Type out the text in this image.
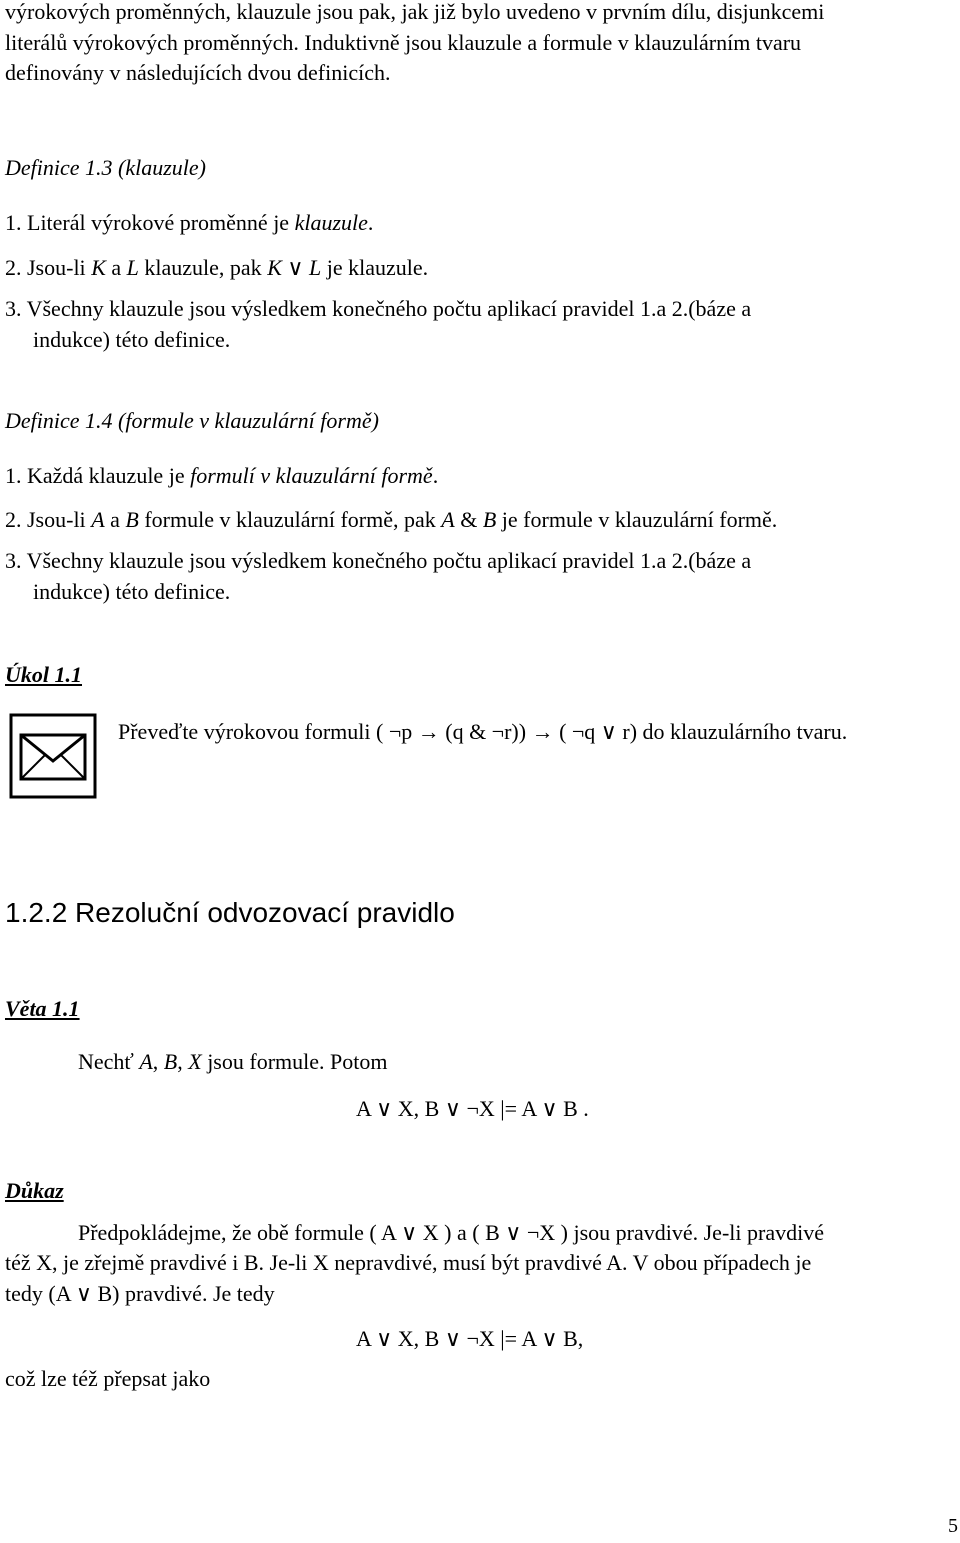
výrokových proměnných, klauzule jsou pak, jak již bylo uvedeno v prvním dílu, disjunkcemi
literálů výrokových proměnných. Induktivně jsou klauzule a formule v klauzulárním tvaru
definovány v následujících dvou definicích.
Definice 1.3 (klauzule)
1. Literál výrokové proměnné je klauzule.
2. Jsou-li K a L klauzule, pak K ∨ L je klauzule.
3. Všechny klauzule jsou výsledkem konečného počtu aplikací pravidel 1.a 2.(báze a
indukce) této definice.
Definice 1.4 (formule v klauzulární formě)
1. Každá klauzule je formulí v klauzulární formě.
2. Jsou-li A a B formule v klauzulární formě, pak A & B je formule v klauzulární formě.
3. Všechny klauzule jsou výsledkem konečného počtu aplikací pravidel 1.a 2.(báze a
indukce) této definice.
Úkol 1.1
Převeďte výrokovou formuli ( ¬p → (q & ¬r)) → ( ¬q ∨ r) do klauzulárního tvaru.
1.2.2 Rezoluční odvozovací pravidlo
Věta 1.1
Nechť A, B, X jsou formule. Potom
A ∨ X, B ∨ ¬X |= A ∨ B .
Důkaz
Předpokládejme, že obě formule ( A ∨ X ) a ( B ∨ ¬X ) jsou pravdivé. Je-li pravdivé
též X, je zřejmě pravdivé i B. Je-li X nepravdivé, musí být pravdivé A. V obou případech je
tedy (A ∨ B) pravdivé. Je tedy
A ∨ X, B ∨ ¬X |= A ∨ B,
což lze též přepsat jako
5
